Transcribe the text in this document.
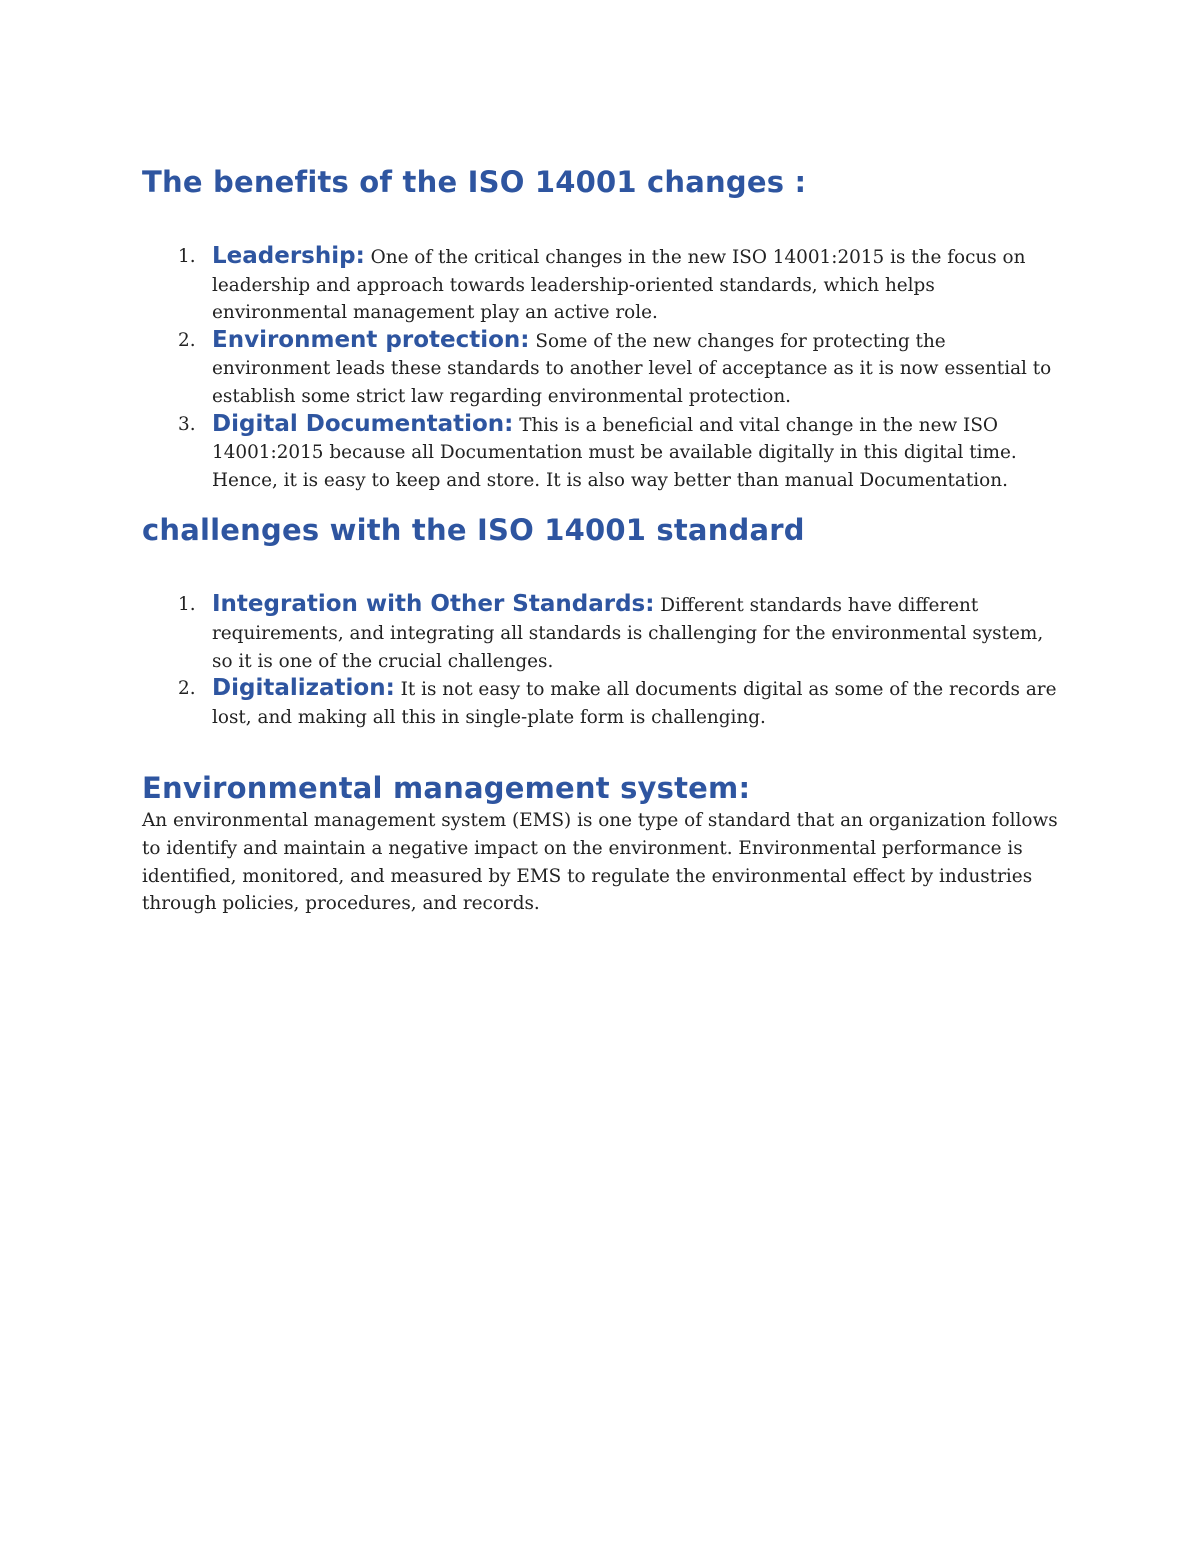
The benefits of the ISO 14001 changes :
1. Leadership: One of the critical changes in the new ISO 14001:2015 is the focus on leadership and approach towards leadership-oriented standards, which helps environmental management play an active role.
2. Environment protection: Some of the new changes for protecting the environment leads these standards to another level of acceptance as it is now essential to establish some strict law regarding environmental protection.
3. Digital Documentation: This is a beneficial and vital change in the new ISO 14001:2015 because all Documentation must be available digitally in this digital time. Hence, it is easy to keep and store. It is also way better than manual Documentation.
challenges with the ISO 14001 standard
1. Integration with Other Standards: Different standards have different requirements, and integrating all standards is challenging for the environmental system, so it is one of the crucial challenges.
2. Digitalization: It is not easy to make all documents digital as some of the records are lost, and making all this in single-plate form is challenging.
Environmental management system:

An environmental management system (EMS) is one type of standard that an organization follows to identify and maintain a negative impact on the environment. Environmental performance is identified, monitored, and measured by EMS to regulate the environmental effect by industries through policies, procedures, and records.
